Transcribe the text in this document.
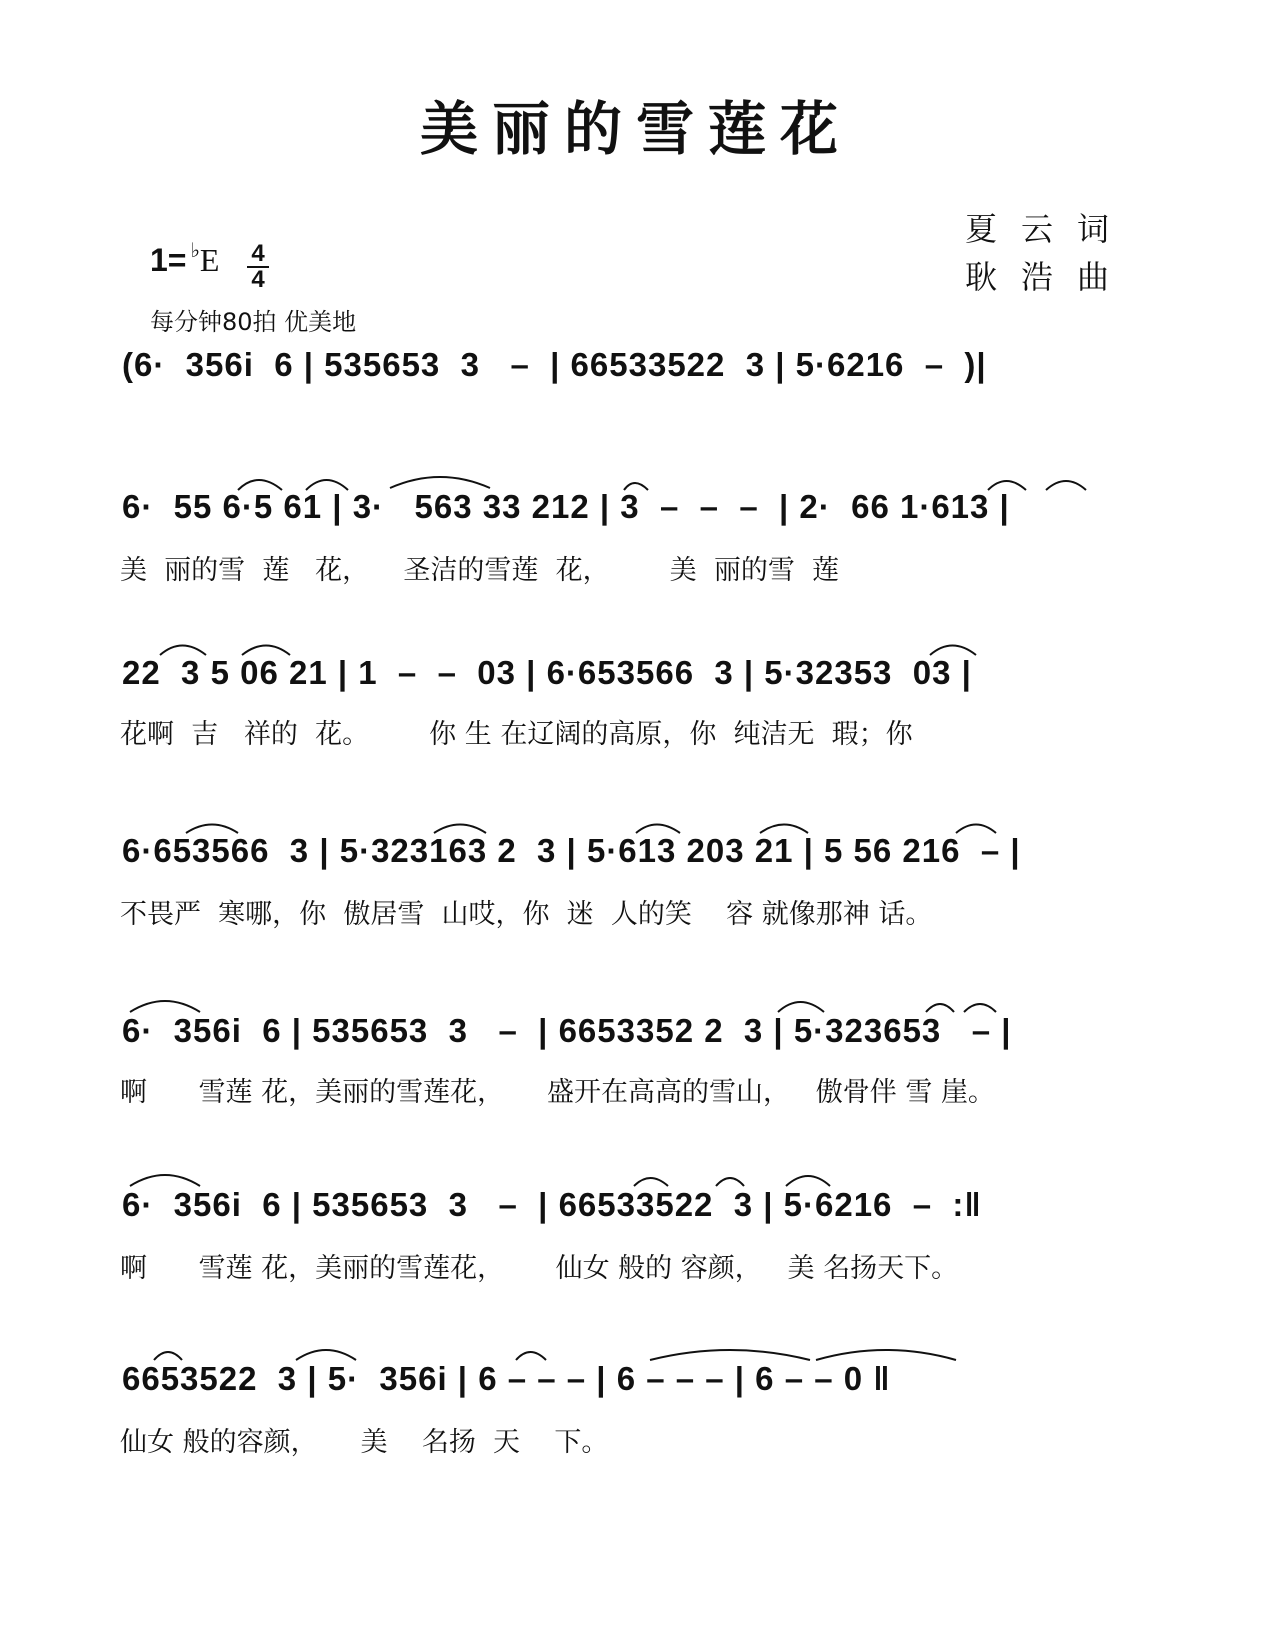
美丽的雪莲花
夏云词
耿浩曲
1= ♭E 4
4
每分钟80拍 优美地
(6·  356i  6 | 535653  3   –  | 66533522  3 | 5·6216  –  )|
6·  55 6·5 61 | 3·   563 33 212 | 3  –  –  –  | 2·  66 1·613 |
美  丽的雪  莲   花，    圣洁的雪莲  花，       美  丽的雪  莲
22  3 5 06 21 | 1  –  –  03 | 6·653566  3 | 5·32353  03 |
花啊  吉   祥的  花。       你 生 在辽阔的高原，你  纯洁无  瑕；你
6·653566  3 | 5·323163 2  3 | 5·613 203 21 | 5 56 216  – |
不畏严  寒哪，你  傲居雪  山哎，你  迷  人的笑    容 就像那神 话。
6·  356i  6 | 535653  3   –  | 6653352 2  3 | 5·323653   – |
啊      雪莲 花，美丽的雪莲花，     盛开在高高的雪山，   傲骨伴 雪 崖。
6·  356i  6 | 535653  3   –  | 66533522  3 | 5·6216  –  :‖
啊      雪莲 花，美丽的雪莲花，      仙女 般的 容颜，   美 名扬天下。
6653522  3 | 5·  356i | 6 – – – | 6 – – – | 6 – – 0 ‖
仙女 般的容颜，     美    名扬  天    下。
